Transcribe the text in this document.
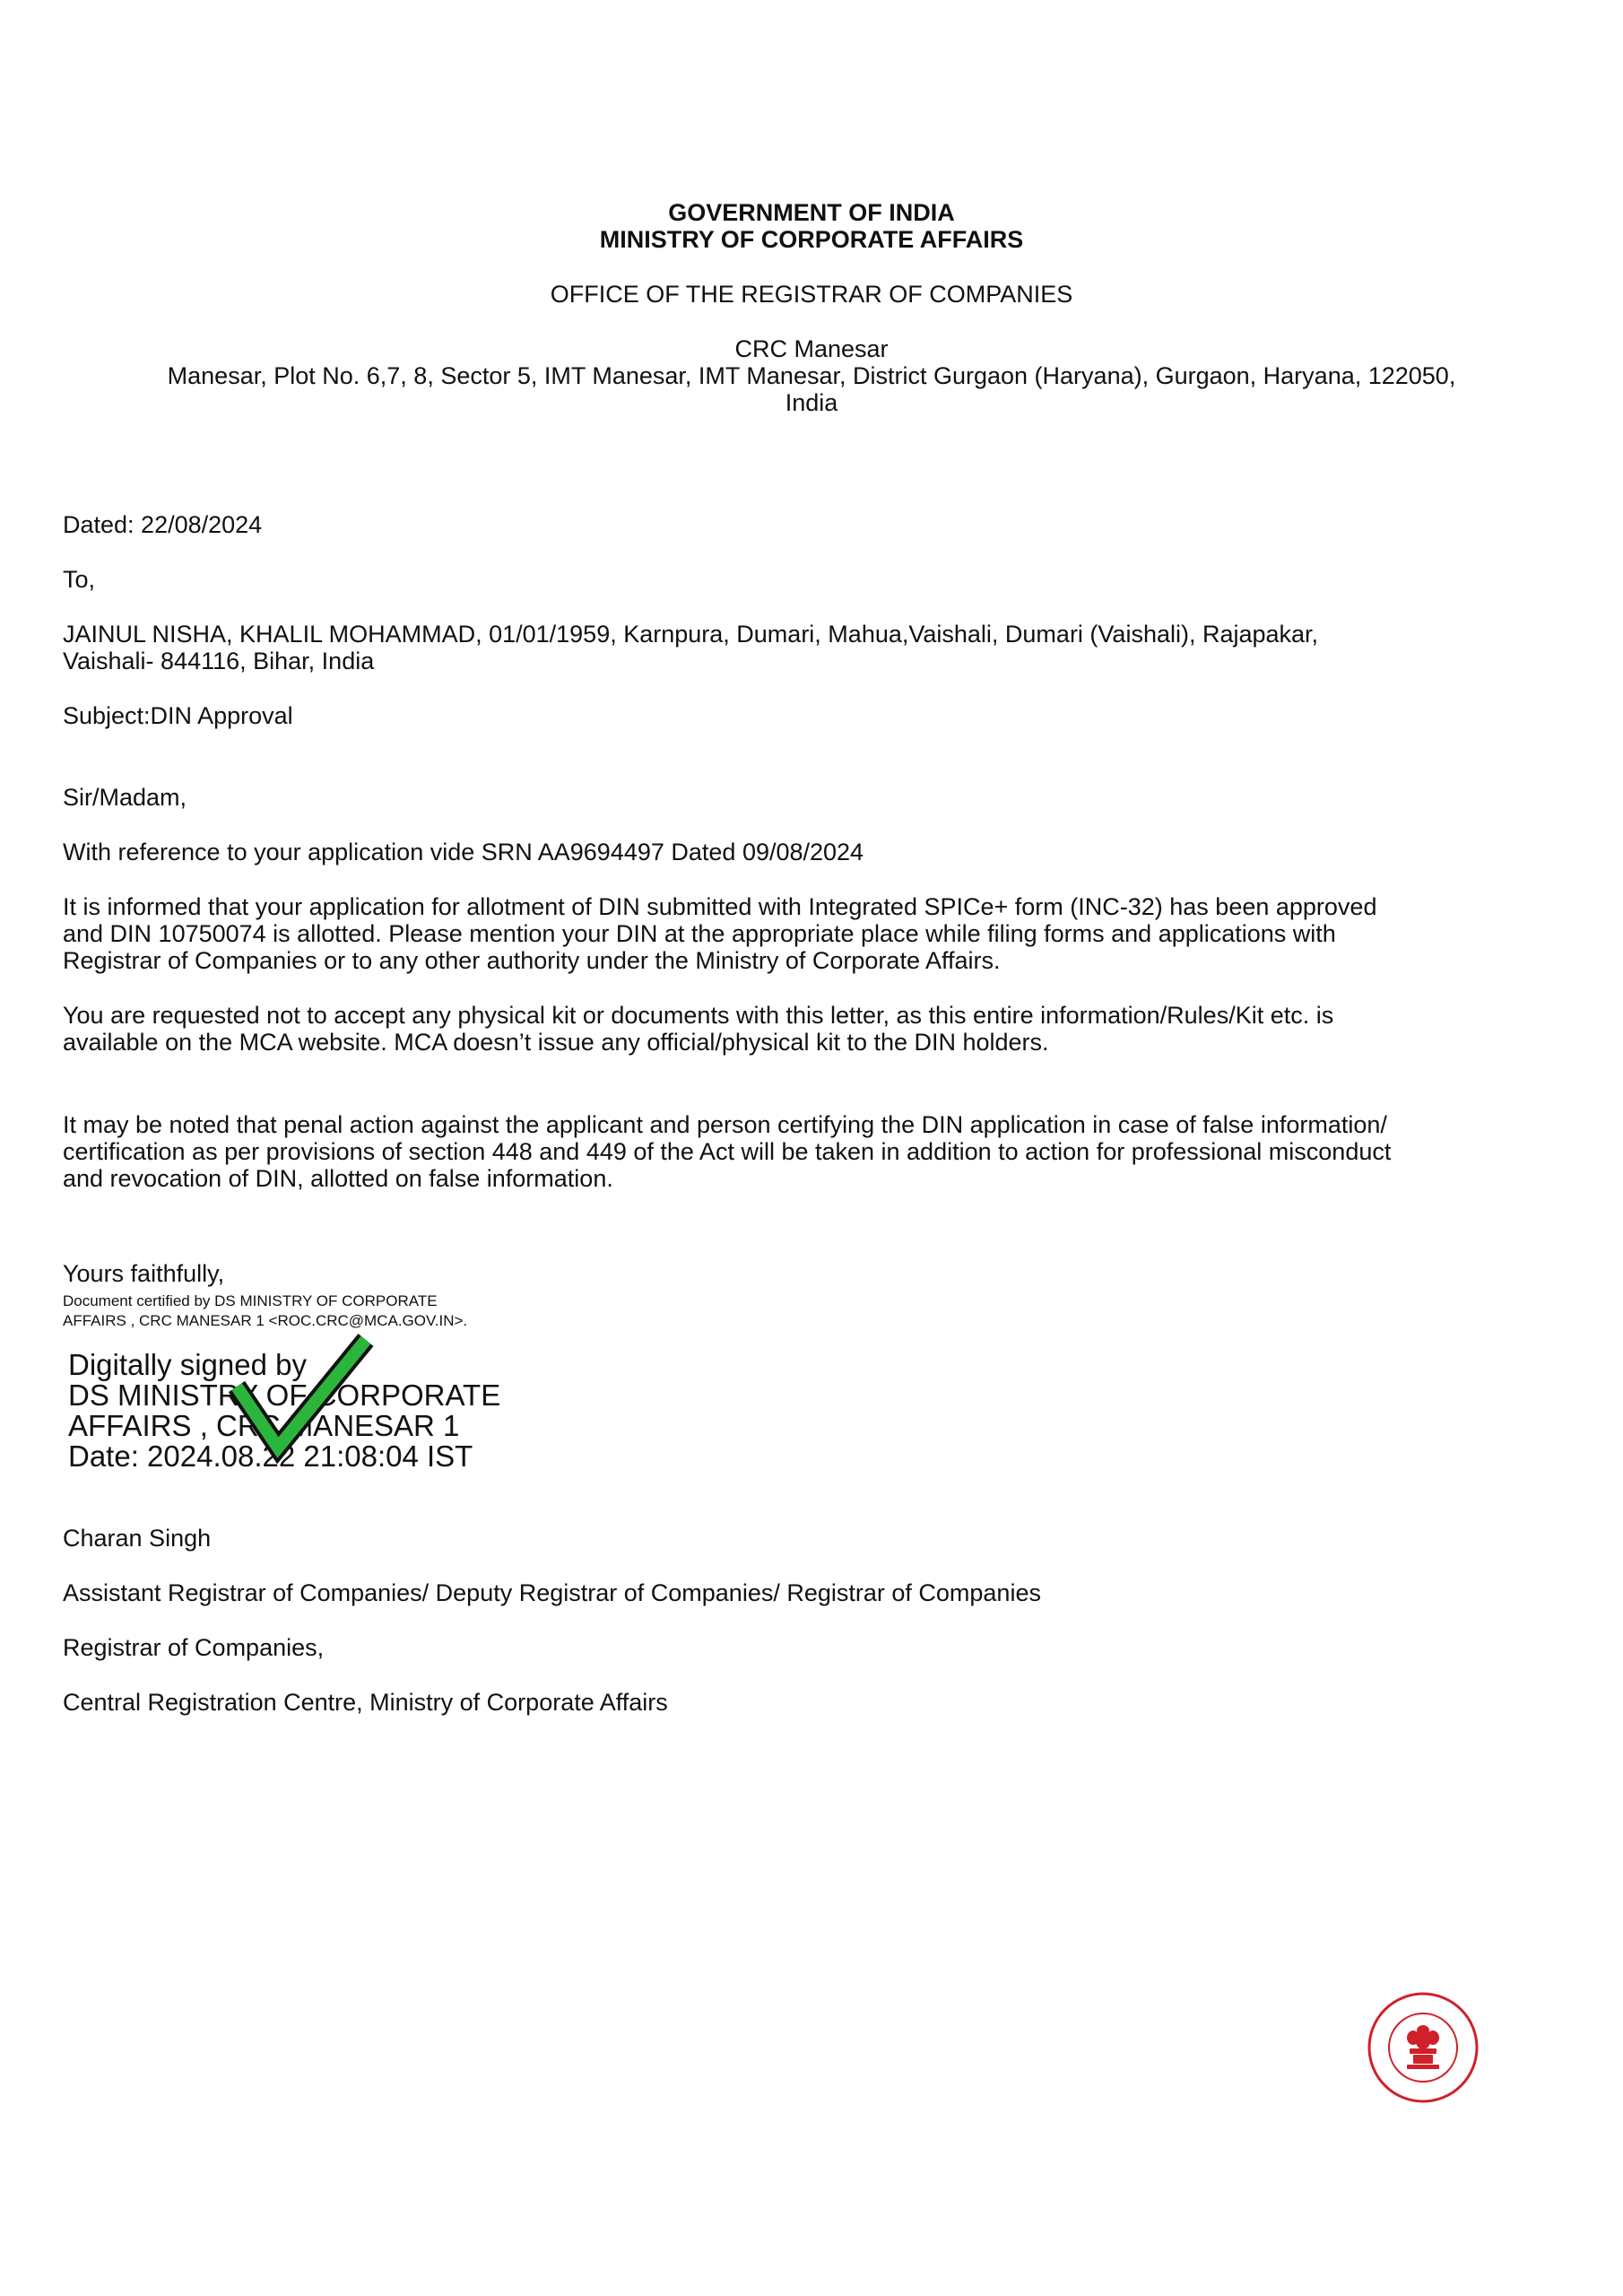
GOVERNMENT OF INDIA
MINISTRY OF CORPORATE AFFAIRS
OFFICE OF THE REGISTRAR OF COMPANIES
CRC Manesar
Manesar, Plot No. 6,7, 8, Sector 5, IMT Manesar, IMT Manesar, District Gurgaon (Haryana), Gurgaon, Haryana, 122050,
India
Dated: 22/08/2024
To,
JAINUL NISHA, KHALIL MOHAMMAD, 01/01/1959, Karnpura, Dumari, Mahua,Vaishali, Dumari (Vaishali), Rajapakar,
Vaishali- 844116, Bihar, India
Subject:DIN Approval
Sir/Madam,
With reference to your application vide SRN AA9694497 Dated 09/08/2024
It is informed that your application for allotment of DIN submitted with Integrated SPICe+ form (INC-32) has been approved
and DIN 10750074 is allotted. Please mention your DIN at the appropriate place while filing forms and applications with
Registrar of Companies or to any other authority under the Ministry of Corporate Affairs.
You are requested not to accept any physical kit or documents with this letter, as this entire information/Rules/Kit etc. is
available on the MCA website. MCA doesn’t issue any official/physical kit to the DIN holders.
It may be noted that penal action against the applicant and person certifying the DIN application in case of false information/
certification as per provisions of section 448 and 449 of the Act will be taken in addition to action for professional misconduct
and revocation of DIN, allotted on false information.
Yours faithfully,
Document certified by DS MINISTRY OF CORPORATE
AFFAIRS , CRC MANESAR 1 <ROC.CRC@MCA.GOV.IN>.
Digitally signed by
DS MINISTRY OF CORPORATE
AFFAIRS , CRC MANESAR 1
Date: 2024.08.22 21:08:04 IST
Charan Singh
Assistant Registrar of Companies/ Deputy Registrar of Companies/ Registrar of Companies
Registrar of Companies,
Central Registration Centre, Ministry of Corporate Affairs
